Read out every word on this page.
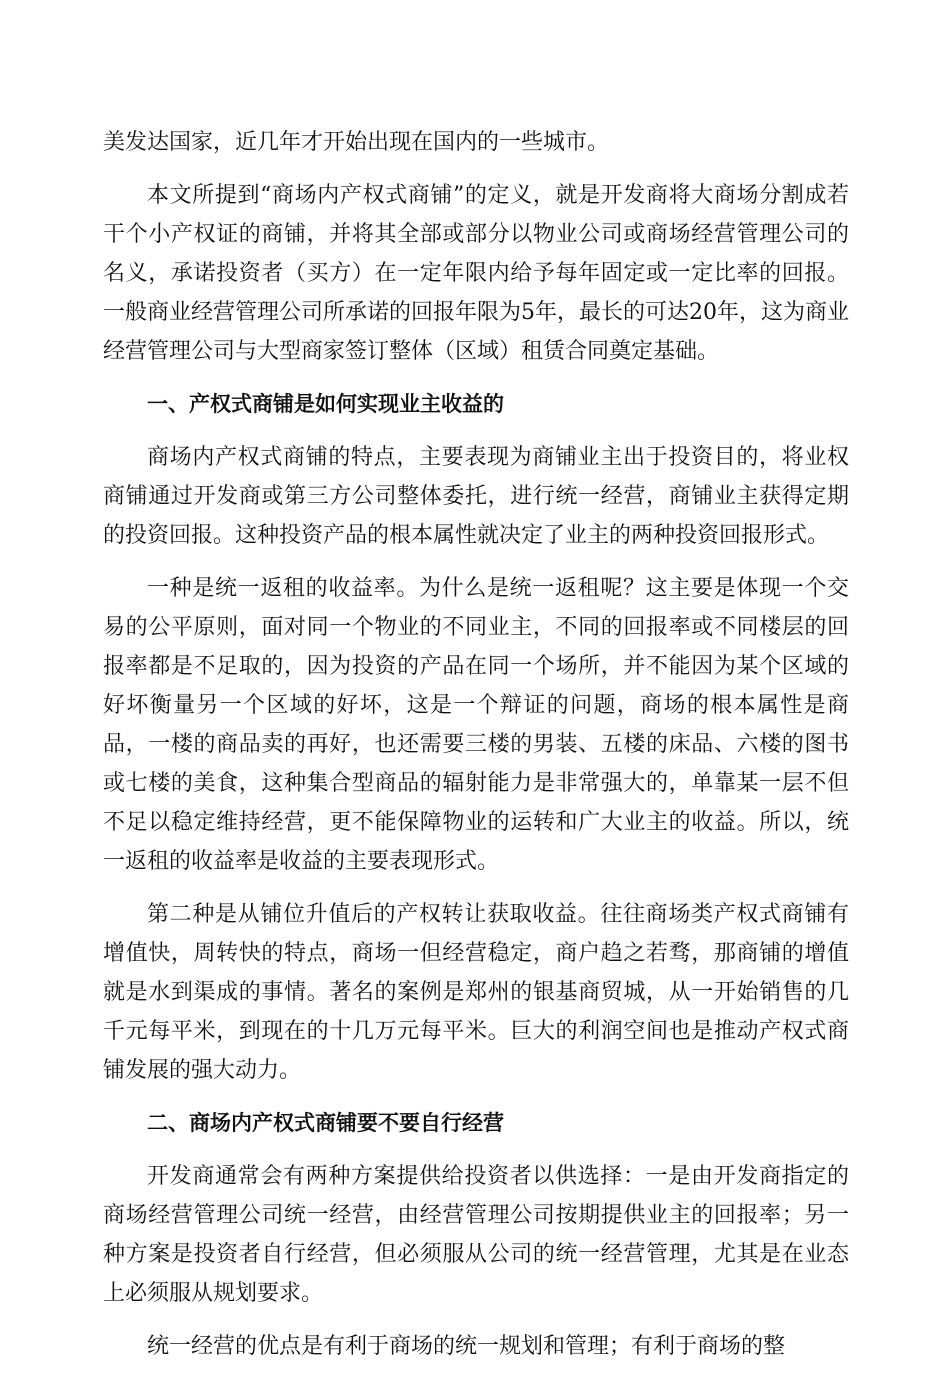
美发达国家，近几年才开始出现在国内的一些城市。

本文所提到“商场内产权式商铺”的定义，就是开发商将大商场分割成若干个小产权证的商铺，并将其全部或部分以物业公司或商场经营管理公司的名义，承诺投资者（买方）在一定年限内给予每年固定或一定比率的回报。一般商业经营管理公司所承诺的回报年限为5年，最长的可达20年，这为商业经营管理公司与大型商家签订整体（区域）租赁合同奠定基础。

一、产权式商铺是如何实现业主收益的

商场内产权式商铺的特点，主要表现为商铺业主出于投资目的，将业权商铺通过开发商或第三方公司整体委托，进行统一经营，商铺业主获得定期的投资回报。这种投资产品的根本属性就决定了业主的两种投资回报形式。

一种是统一返租的收益率。为什么是统一返租呢？这主要是体现一个交易的公平原则，面对同一个物业的不同业主，不同的回报率或不同楼层的回报率都是不足取的，因为投资的产品在同一个场所，并不能因为某个区域的好坏衡量另一个区域的好坏，这是一个辩证的问题，商场的根本属性是商品，一楼的商品卖的再好，也还需要三楼的男装、五楼的床品、六楼的图书或七楼的美食，这种集合型商品的辐射能力是非常强大的，单靠某一层不但不足以稳定维持经营，更不能保障物业的运转和广大业主的收益。所以，统一返租的收益率是收益的主要表现形式。

第二种是从铺位升值后的产权转让获取收益。往往商场类产权式商铺有增值快，周转快的特点，商场一但经营稳定，商户趋之若骛，那商铺的增值就是水到渠成的事情。著名的案例是郑州的银基商贸城，从一开始销售的几千元每平米，到现在的十几万元每平米。巨大的利润空间也是推动产权式商铺发展的强大动力。

二、商场内产权式商铺要不要自行经营

开发商通常会有两种方案提供给投资者以供选择：一是由开发商指定的商场经营管理公司统一经营，由经营管理公司按期提供业主的回报率；另一种方案是投资者自行经营，但必须服从公司的统一经营管理，尤其是在业态上必须服从规划要求。

统一经营的优点是有利于商场的统一规划和管理；有利于商场的整
